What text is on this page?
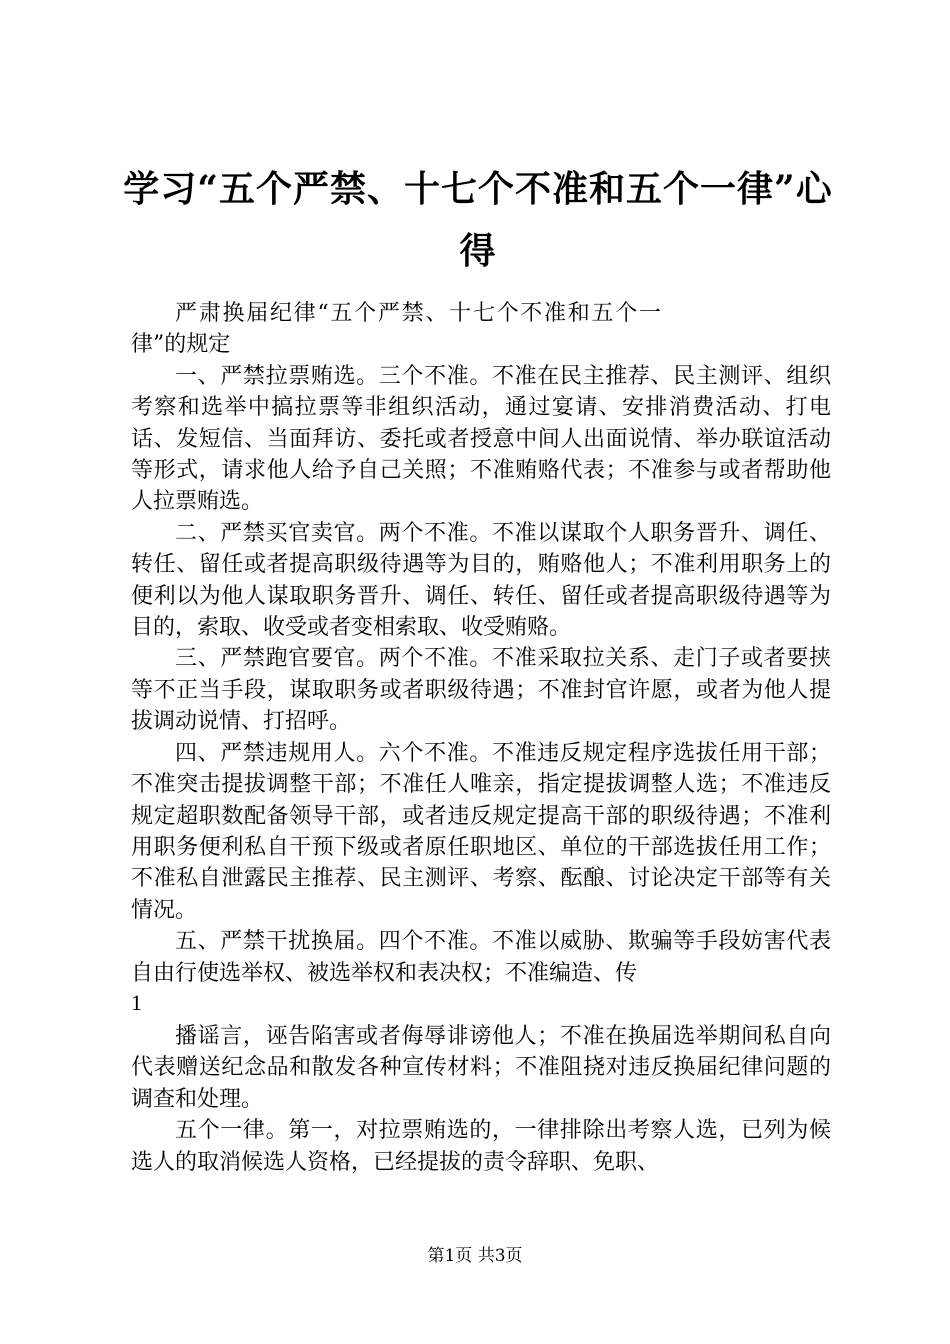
学习“五个严禁、十七个不准和五个一律”心得

严肃换届纪律“五个严禁、十七个不准和五个一律”的规定

一、严禁拉票贿选。三个不准。不准在民主推荐、民主测评、组织考察和选举中搞拉票等非组织活动，通过宴请、安排消费活动、打电话、发短信、当面拜访、委托或者授意中间人出面说情、举办联谊活动等形式，请求他人给予自己关照；不准贿赂代表；不准参与或者帮助他人拉票贿选。

二、严禁买官卖官。两个不准。不准以谋取个人职务晋升、调任、转任、留任或者提高职级待遇等为目的，贿赂他人；不准利用职务上的便利以为他人谋取职务晋升、调任、转任、留任或者提高职级待遇等为目的，索取、收受或者变相索取、收受贿赂。

三、严禁跑官要官。两个不准。不准采取拉关系、走门子或者要挟等不正当手段，谋取职务或者职级待遇；不准封官许愿，或者为他人提拔调动说情、打招呼。

四、严禁违规用人。六个不准。不准违反规定程序选拔任用干部；不准突击提拔调整干部；不准任人唯亲，指定提拔调整人选；不准违反规定超职数配备领导干部，或者违反规定提高干部的职级待遇；不准利用职务便利私自干预下级或者原任职地区、单位的干部选拔任用工作；不准私自泄露民主推荐、民主测评、考察、酝酿、讨论决定干部等有关情况。

五、严禁干扰换届。四个不准。不准以威胁、欺骗等手段妨害代表自由行使选举权、被选举权和表决权；不准编造、传

1

播谣言，诬告陷害或者侮辱诽谤他人；不准在换届选举期间私自向代表赠送纪念品和散发各种宣传材料；不准阻挠对违反换届纪律问题的调查和处理。

五个一律。第一，对拉票贿选的，一律排除出考察人选，已列为候选人的取消候选人资格，已经提拔的责令辞职、免职、

第1页 共3页
